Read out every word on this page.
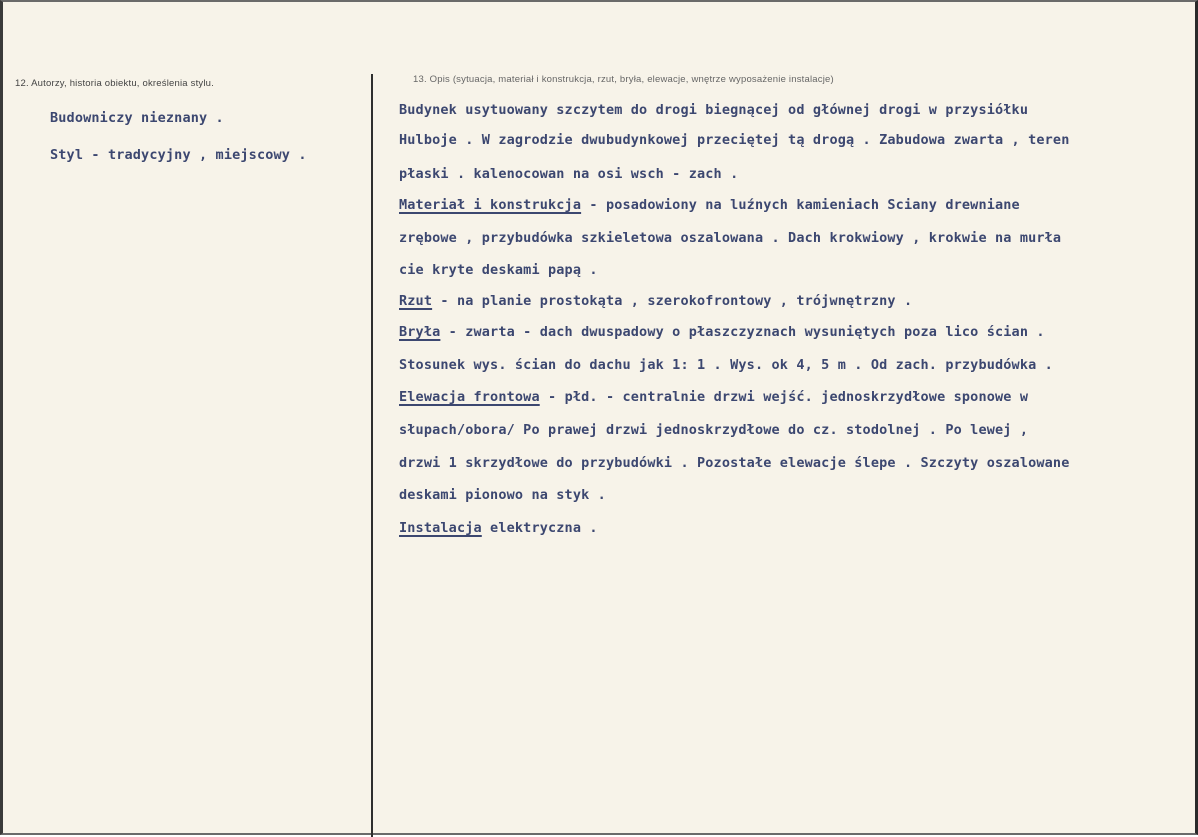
12. Autorzy, historia obiektu, określenia stylu.
Budowniczy nieznany .
Styl - tradycyjny , miejscowy .
13. Opis (sytuacja, materiał i konstrukcja, rzut, bryła, elewacje, wnętrze wyposażenie instalacje)
Budynek usytuowany szczytem do drogi biegnącej od głównej drogi w przysiółku
Hulboje . W zagrodzie dwubudynkowej przeciętej tą drogą . Zabudowa zwarta , teren
płaski . kalenocowan na osi wsch - zach .
Materiał i konstrukcja - posadowiony na luźnych kamieniach Sciany drewniane
zrębowe , przybudówka szkieletowa oszalowana . Dach krokwiowy , krokwie na murła
cie kryte deskami papą .
Rzut - na planie prostokąta , szerokofrontowy , trójwnętrzny .
Bryła - zwarta - dach dwuspadowy o płaszczyznach wysuniętych poza lico ścian .
Stosunek wys. ścian do dachu jak 1: 1 . Wys. ok 4, 5 m . Od zach. przybudówka .
Elewacja frontowa - płd. - centralnie drzwi wejść. jednoskrzydłowe sponowe w
słupach/obora/ Po prawej drzwi jednoskrzydłowe do cz. stodolnej . Po lewej ,
drzwi 1 skrzydłowe do przybudówki . Pozostałe elewacje ślepe . Szczyty oszalowane
deskami pionowo na styk .
Instalacja elektryczna .
